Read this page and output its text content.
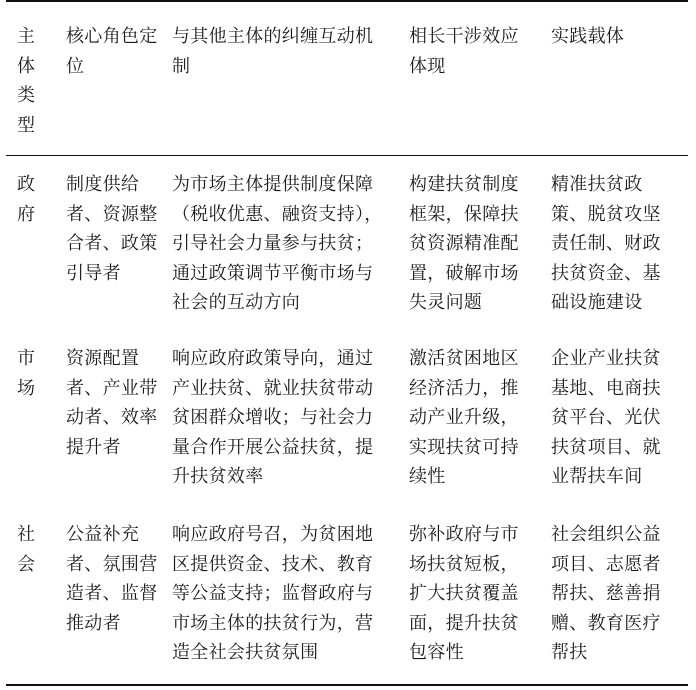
主体类型
核心角色定位
与其他主体的纠缠互动机制
相长干涉效应体现
实践载体
政府
制度供给者、资源整合者、政策引导者
为市场主体提供制度保障（税收优惠、融资支持），引导社会力量参与扶贫；通过政策调节平衡市场与社会的互动方向
构建扶贫制度框架，保障扶贫资源精准配置，破解市场失灵问题
精准扶贫政策、脱贫攻坚责任制、财政扶贫资金、基础设施建设
市场
资源配置者、产业带动者、效率提升者
响应政府政策导向，通过产业扶贫、就业扶贫带动贫困群众增收；与社会力量合作开展公益扶贫，提升扶贫效率
激活贫困地区经济活力，推动产业升级，实现扶贫可持续性
企业产业扶贫基地、电商扶贫平台、光伏扶贫项目、就业帮扶车间
社会
公益补充者、氛围营造者、监督推动者
响应政府号召，为贫困地区提供资金、技术、教育等公益支持；监督政府与市场主体的扶贫行为，营造全社会扶贫氛围
弥补政府与市场扶贫短板，扩大扶贫覆盖面，提升扶贫包容性
社会组织公益项目、志愿者帮扶、慈善捐赠、教育医疗帮扶
